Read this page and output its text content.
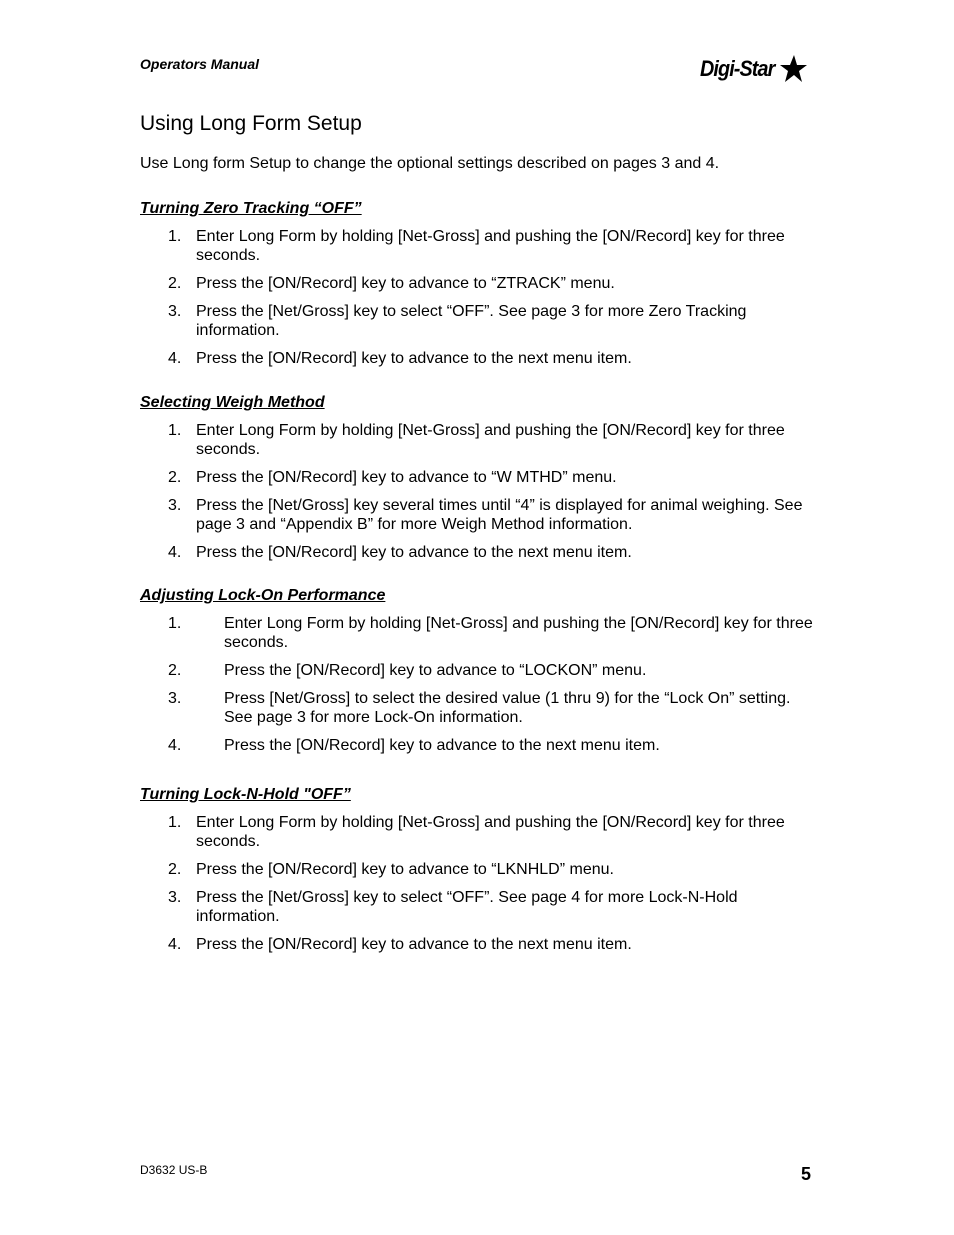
Operators Manual	Digi-Star
Using Long Form Setup
Use Long form Setup to change the optional settings described on pages 3 and 4.
Turning Zero Tracking “OFF”
1. Enter Long Form by holding [Net-Gross] and pushing the [ON/Record] key for three seconds.
2. Press the [ON/Record] key to advance to “ZTRACK” menu.
3. Press the [Net/Gross] key to select “OFF”. See page 3 for more Zero Tracking information.
4. Press the [ON/Record] key to advance to the next menu item.
Selecting Weigh Method
1. Enter Long Form by holding [Net-Gross] and pushing the [ON/Record] key for three seconds.
2. Press the [ON/Record] key to advance to “W MTHD” menu.
3. Press the [Net/Gross] key several times until “4” is displayed for animal weighing. See page 3 and “Appendix B” for more Weigh Method information.
4. Press the [ON/Record] key to advance to the next menu item.
Adjusting Lock-On Performance
1.	Enter Long Form by holding [Net-Gross] and pushing the [ON/Record] key for three seconds.
2.	Press the [ON/Record] key to advance to “LOCKON” menu.
3.	Press [Net/Gross] to select the desired value (1 thru 9) for the “Lock On” setting. See page 3 for more Lock-On information.
4.	Press the [ON/Record] key to advance to the next menu item.
Turning Lock-N-Hold "OFF”
1. Enter Long Form by holding [Net-Gross] and pushing the [ON/Record] key for three seconds.
2. Press the [ON/Record] key to advance to “LKNHLD” menu.
3. Press the [Net/Gross] key to select “OFF”. See page 4 for more Lock-N-Hold information.
4. Press the [ON/Record] key to advance to the next menu item.
D3632 US-B	5
